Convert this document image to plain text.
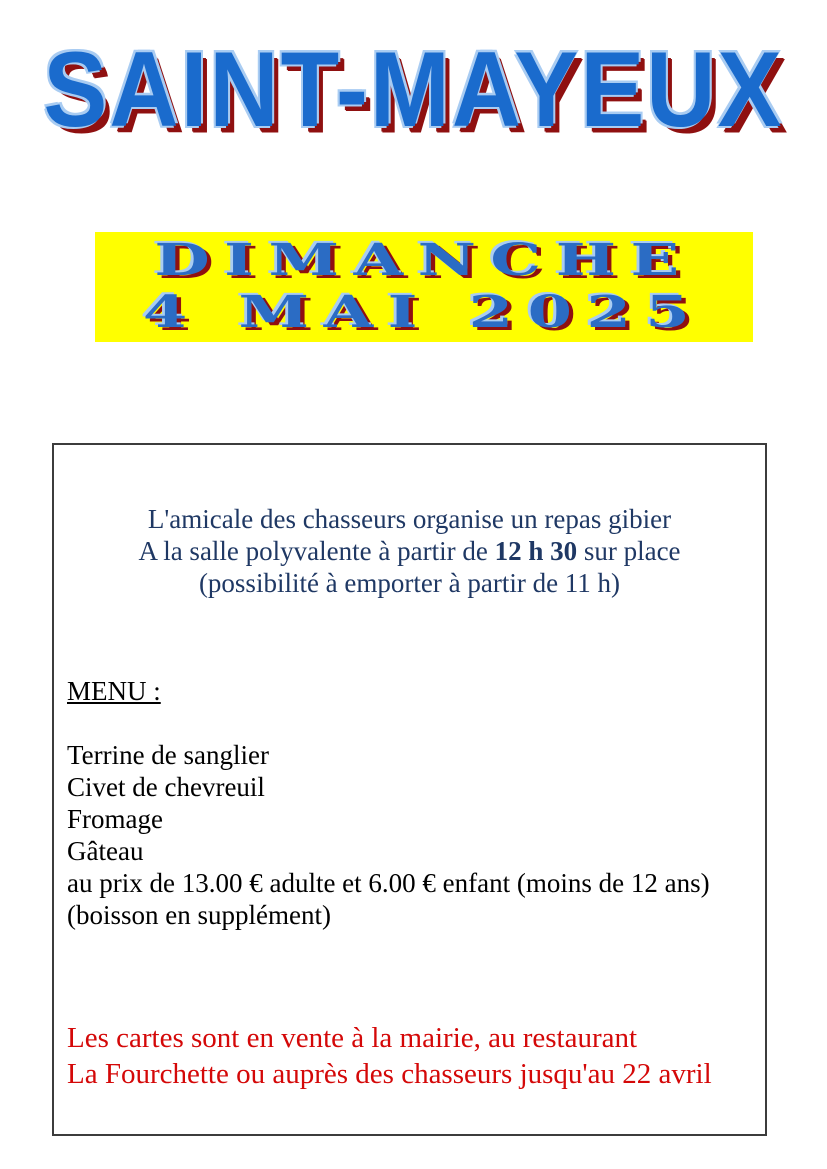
SAINT-MAYEUX
DIMANCHE
4 MAI 2025
L'amicale des chasseurs organise un repas gibier
A la salle polyvalente à partir de 12 h 30 sur place
(possibilité à emporter à partir de 11 h)
MENU :
Terrine de sanglier
Civet de chevreuil
Fromage
Gâteau
au prix de 13.00 € adulte et 6.00 € enfant (moins de 12 ans)
(boisson en supplément)
Les cartes sont en vente à la mairie, au restaurant
La Fourchette ou auprès des chasseurs jusqu'au 22 avril
